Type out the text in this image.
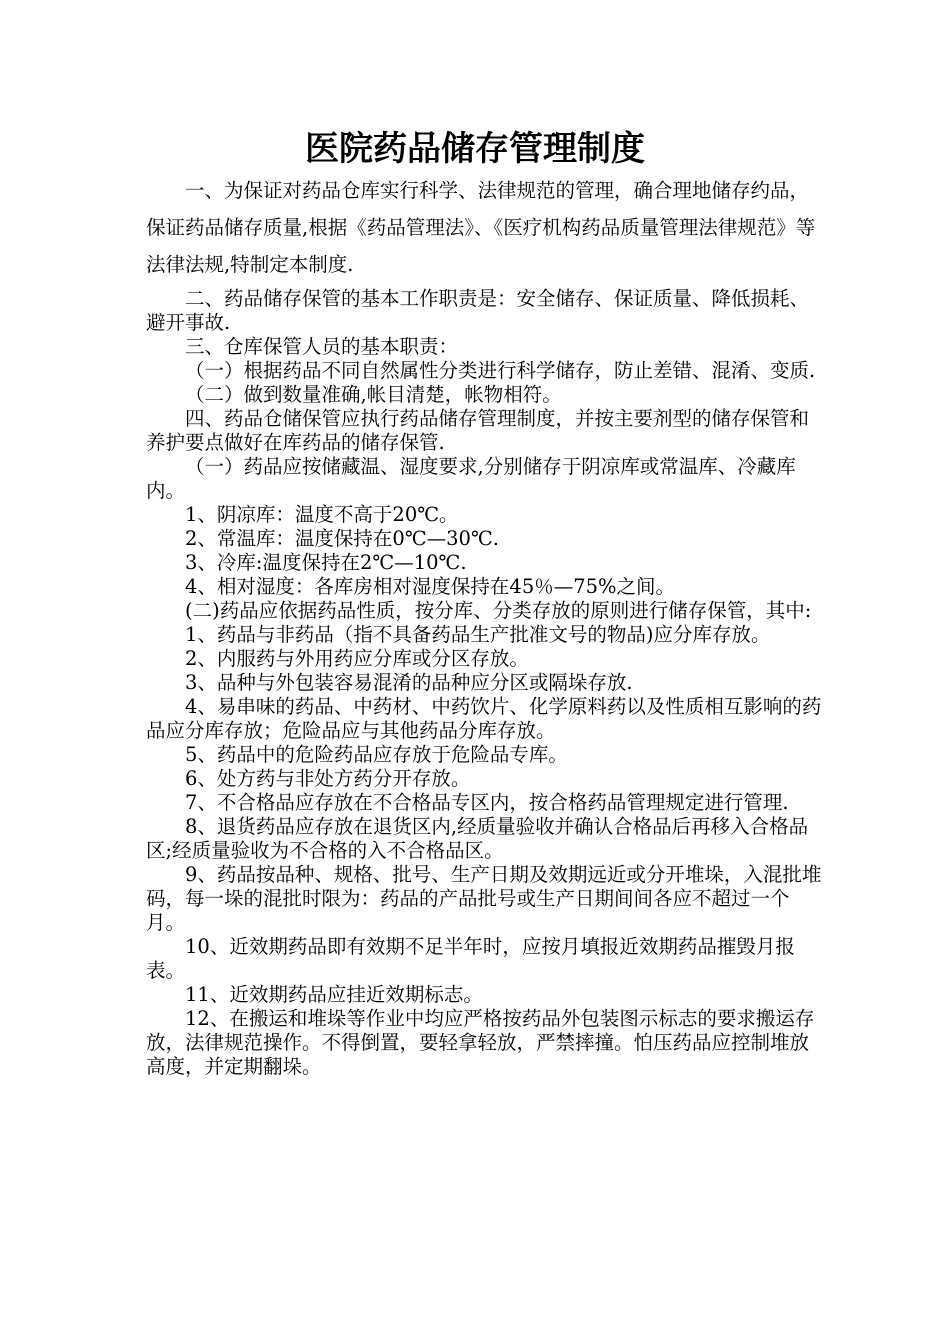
医院药品储存管理制度

一、为保证对药品仓库实行科学、法律规范的管理，确合理地储存约品，保证药品储存质量,根据《药品管理法》、《医疗机构药品质量管理法律规范》等法律法规,特制定本制度.

二、药品储存保管的基本工作职责是：安全储存、保证质量、降低损耗、避开事故.

三、仓库保管人员的基本职责：

（一）根据药品不同自然属性分类进行科学储存，防止差错、混淆、变质.

（二）做到数量准确,帐目清楚，帐物相符。

四、药品仓储保管应执行药品储存管理制度，并按主要剂型的储存保管和养护要点做好在库药品的储存保管.

（一）药品应按储藏温、湿度要求,分别储存于阴凉库或常温库、冷藏库内。

1、阴凉库：温度不高于20℃。

2、常温库：温度保持在0℃—30℃.

3、冷库:温度保持在2℃—10℃.

4、相对湿度：各库房相对湿度保持在45％—75%之间。

(二)药品应依据药品性质，按分库、分类存放的原则进行储存保管，其中:

1、药品与非药品（指不具备药品生产批准文号的物品)应分库存放。

2、内服药与外用药应分库或分区存放。

3、品种与外包装容易混淆的品种应分区或隔垛存放.

4、易串味的药品、中药材、中药饮片、化学原料药以及性质相互影响的药品应分库存放；危险品应与其他药品分库存放。

5、药品中的危险药品应存放于危险品专库。

6、处方药与非处方药分开存放。

7、不合格品应存放在不合格品专区内，按合格药品管理规定进行管理.

8、退货药品应存放在退货区内,经质量验收并确认合格品后再移入合格品区;经质量验收为不合格的入不合格品区。

9、药品按品种、规格、批号、生产日期及效期远近或分开堆垛，入混批堆码，每一垛的混批时限为：药品的产品批号或生产日期间间各应不超过一个月。

10、近效期药品即有效期不足半年时，应按月填报近效期药品摧毁月报表。

11、近效期药品应挂近效期标志。

12、在搬运和堆垛等作业中均应严格按药品外包装图示标志的要求搬运存放，法律规范操作。不得倒置，要轻拿轻放，严禁摔撞。怕压药品应控制堆放高度，并定期翻垛。
